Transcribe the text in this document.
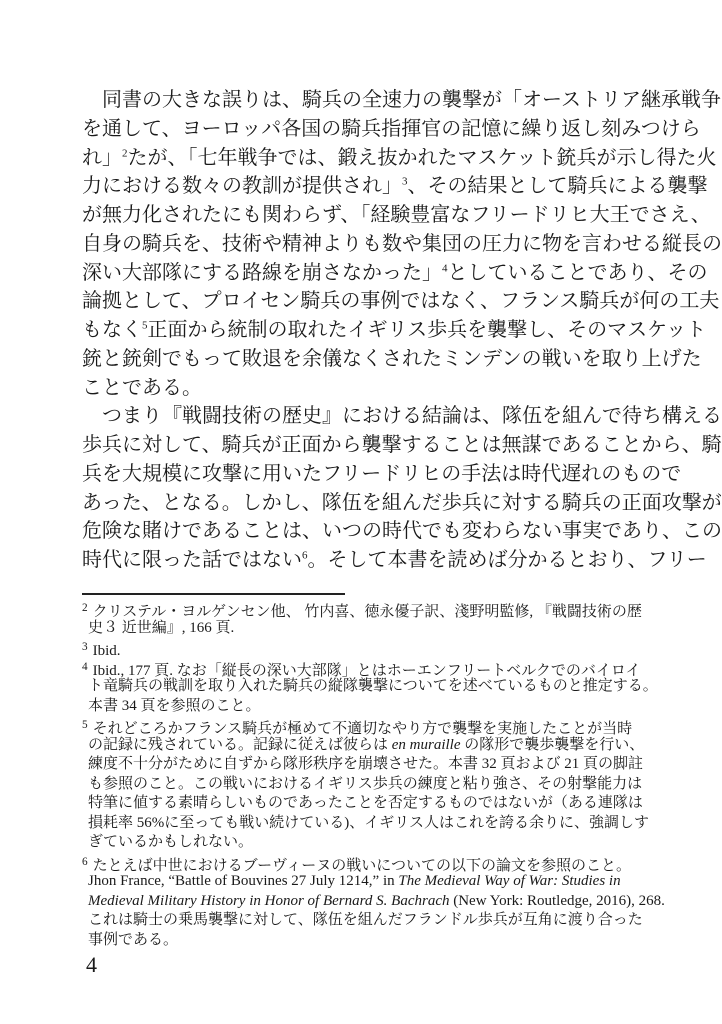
同書の大きな誤りは、騎兵の全速力の襲撃が「オーストリア継承戦争
を通して、ヨーロッパ各国の騎兵指揮官の記憶に繰り返し刻みつけら
れ」$^2$たが、「七年戦争では、鍛え抜かれたマスケット銃兵が示し得た火
力における数々の教訓が提供され」$^3$、その結果として騎兵による襲撃
が無力化されたにも関わらず、「経験豊富なフリードリヒ大王でさえ、
自身の騎兵を、技術や精神よりも数や集団の圧力に物を言わせる縦長の
深い大部隊にする路線を崩さなかった」$^4$としていることであり、その
論拠として、プロイセン騎兵の事例ではなく、フランス騎兵が何の工夫
もなく$^5$正面から統制の取れたイギリス歩兵を襲撃し、そのマスケット
銃と銃剣でもって敗退を余儀なくされたミンデンの戦いを取り上げた
ことである。
つまり『戦闘技術の歴史』における結論は、隊伍を組んで待ち構える
歩兵に対して、騎兵が正面から襲撃することは無謀であることから、騎
兵を大規模に攻撃に用いたフリードリヒの手法は時代遅れのもので
あった、となる。しかし、隊伍を組んだ歩兵に対する騎兵の正面攻撃が
危険な賭けであることは、いつの時代でも変わらない事実であり、この
時代に限った話ではない$^6$。そして本書を読めば分かるとおり、フリー
$^2$ クリステル・ヨルゲンセン他、 竹内喜、徳永優子訳、淺野明監修, 『戦闘技術の歴
史３ 近世編』, 166 頁.
$^3$ Ibid.
$^4$ Ibid., 177 頁. なお「縦長の深い大部隊」とはホーエンフリートベルクでのバイロイ
ト竜騎兵の戦訓を取り入れた騎兵の縦隊襲撃についてを述べているものと推定する。
本書 34 頁を参照のこと。
$^5$ それどころかフランス騎兵が極めて不適切なやり方で襲撃を実施したことが当時
の記録に残されている。記録に従えば彼らは en muraille の隊形で襲歩襲撃を行い、
練度不十分がために自ずから隊形秩序を崩壊させた。本書 32 頁および 21 頁の脚註
も参照のこと。この戦いにおけるイギリス歩兵の練度と粘り強さ、その射撃能力は
特筆に値する素晴らしいものであったことを否定するものではないが（ある連隊は
損耗率 56%に至っても戦い続けている)、イギリス人はこれを誇る余りに、強調しす
ぎているかもしれない。
$^6$ たとえば中世におけるブーヴィーヌの戦いについての以下の論文を参照のこと。
Jhon France, “Battle of Bouvines 27 July 1214,” in The Medieval Way of War: Studies in
Medieval Military History in Honor of Bernard S. Bachrach (New York: Routledge, 2016), 268.
これは騎士の乗馬襲撃に対して、隊伍を組んだフランドル歩兵が互角に渡り合った
事例である。
4
